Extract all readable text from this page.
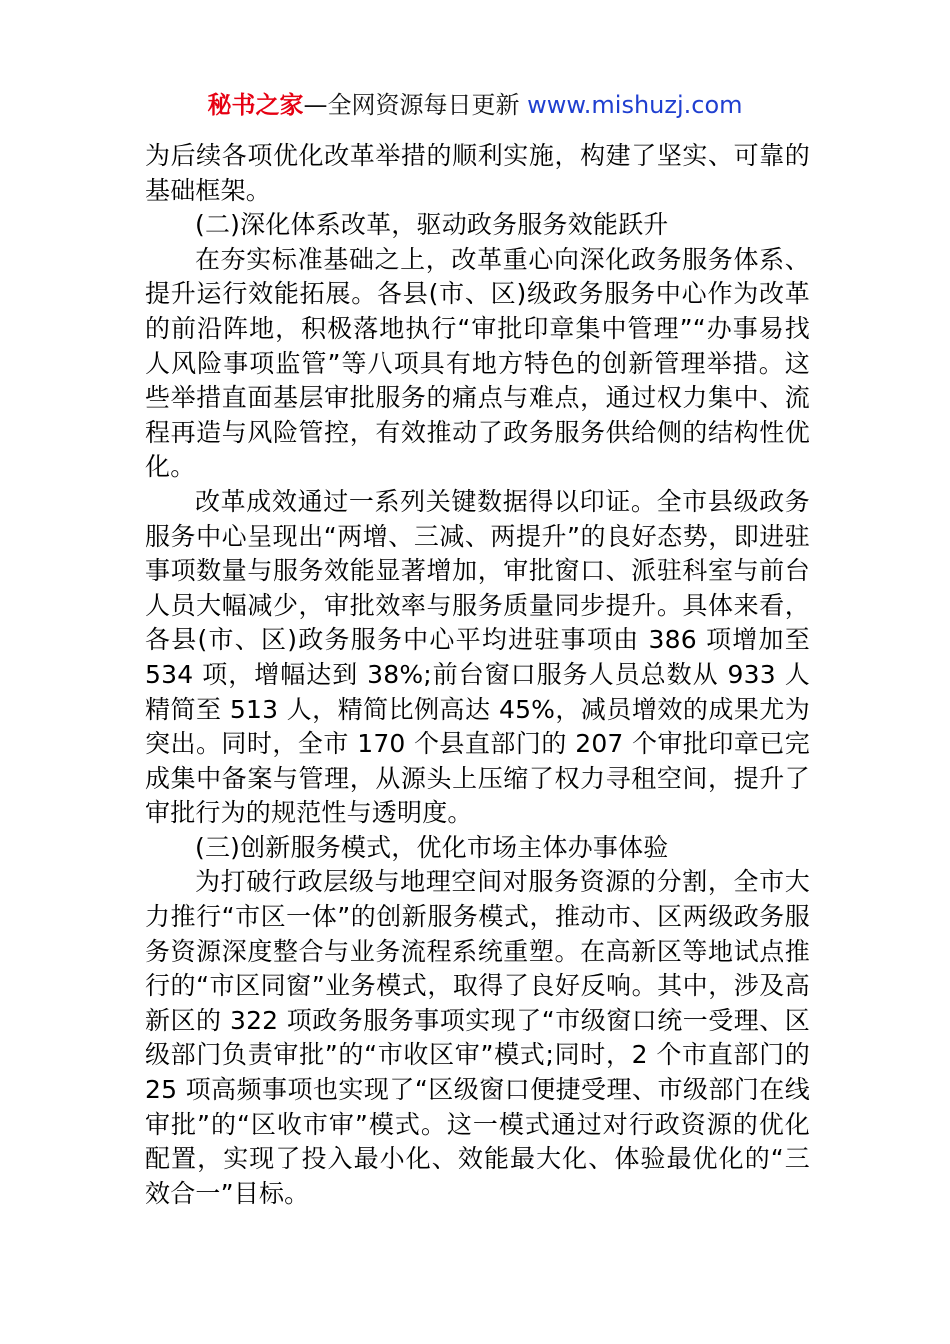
秘书之家—全网资源每日更新 www.mishuzj.com

为后续各项优化改革举措的顺利实施，构建了坚实、可靠的基础框架。

(二)深化体系改革，驱动政务服务效能跃升

在夯实标准基础之上，改革重心向深化政务服务体系、提升运行效能拓展。各县(市、区)级政务服务中心作为改革的前沿阵地，积极落地执行“审批印章集中管理”“办事易找人风险事项监管”等八项具有地方特色的创新管理举措。这些举措直面基层审批服务的痛点与难点，通过权力集中、流程再造与风险管控，有效推动了政务服务供给侧的结构性优化。

改革成效通过一系列关键数据得以印证。全市县级政务服务中心呈现出“两增、三减、两提升”的良好态势，即进驻事项数量与服务效能显著增加，审批窗口、派驻科室与前台人员大幅减少，审批效率与服务质量同步提升。具体来看，各县(市、区)政务服务中心平均进驻事项由 386 项增加至 534 项，增幅达到 38%;前台窗口服务人员总数从 933 人精简至 513 人，精简比例高达 45%，减员增效的成果尤为突出。同时，全市 170 个县直部门的 207 个审批印章已完成集中备案与管理，从源头上压缩了权力寻租空间，提升了审批行为的规范性与透明度。

(三)创新服务模式，优化市场主体办事体验

为打破行政层级与地理空间对服务资源的分割，全市大力推行“市区一体”的创新服务模式，推动市、区两级政务服务资源深度整合与业务流程系统重塑。在高新区等地试点推行的“市区同窗”业务模式，取得了良好反响。其中，涉及高新区的 322 项政务服务事项实现了“市级窗口统一受理、区级部门负责审批”的“市收区审”模式;同时，2 个市直部门的 25 项高频事项也实现了“区级窗口便捷受理、市级部门在线审批”的“区收市审”模式。这一模式通过对行政资源的优化配置，实现了投入最小化、效能最大化、体验最优化的“三效合一”目标。
